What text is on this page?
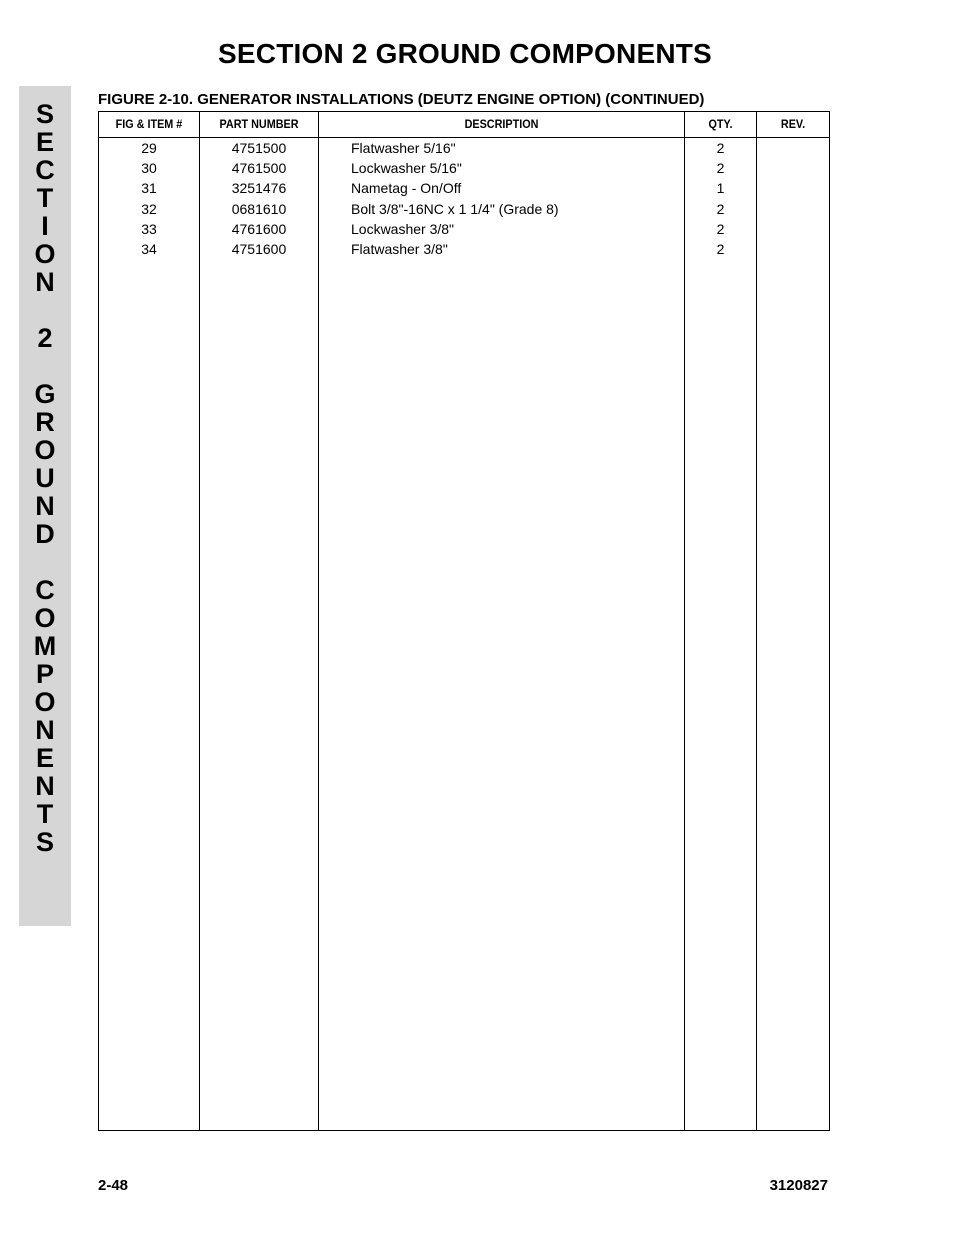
SECTION 2 GROUND COMPONENTS
S
E
C
T
I
O
N

2

G
R
O
U
N
D

C
O
M
P
O
N
E
N
T
S
FIGURE 2-10. GENERATOR INSTALLATIONS (DEUTZ ENGINE OPTION) (CONTINUED)
FIG & ITEM #	PART NUMBER	DESCRIPTION	QTY.	REV.
29	4751500	Flatwasher 5/16"	2
30	4761500	Lockwasher 5/16"	2
31	3251476	Nametag - On/Off	1
32	0681610	Bolt 3/8"-16NC x 1 1/4" (Grade 8)	2
33	4761600	Lockwasher 3/8"	2
34	4751600	Flatwasher 3/8"	2
2-48	3120827
